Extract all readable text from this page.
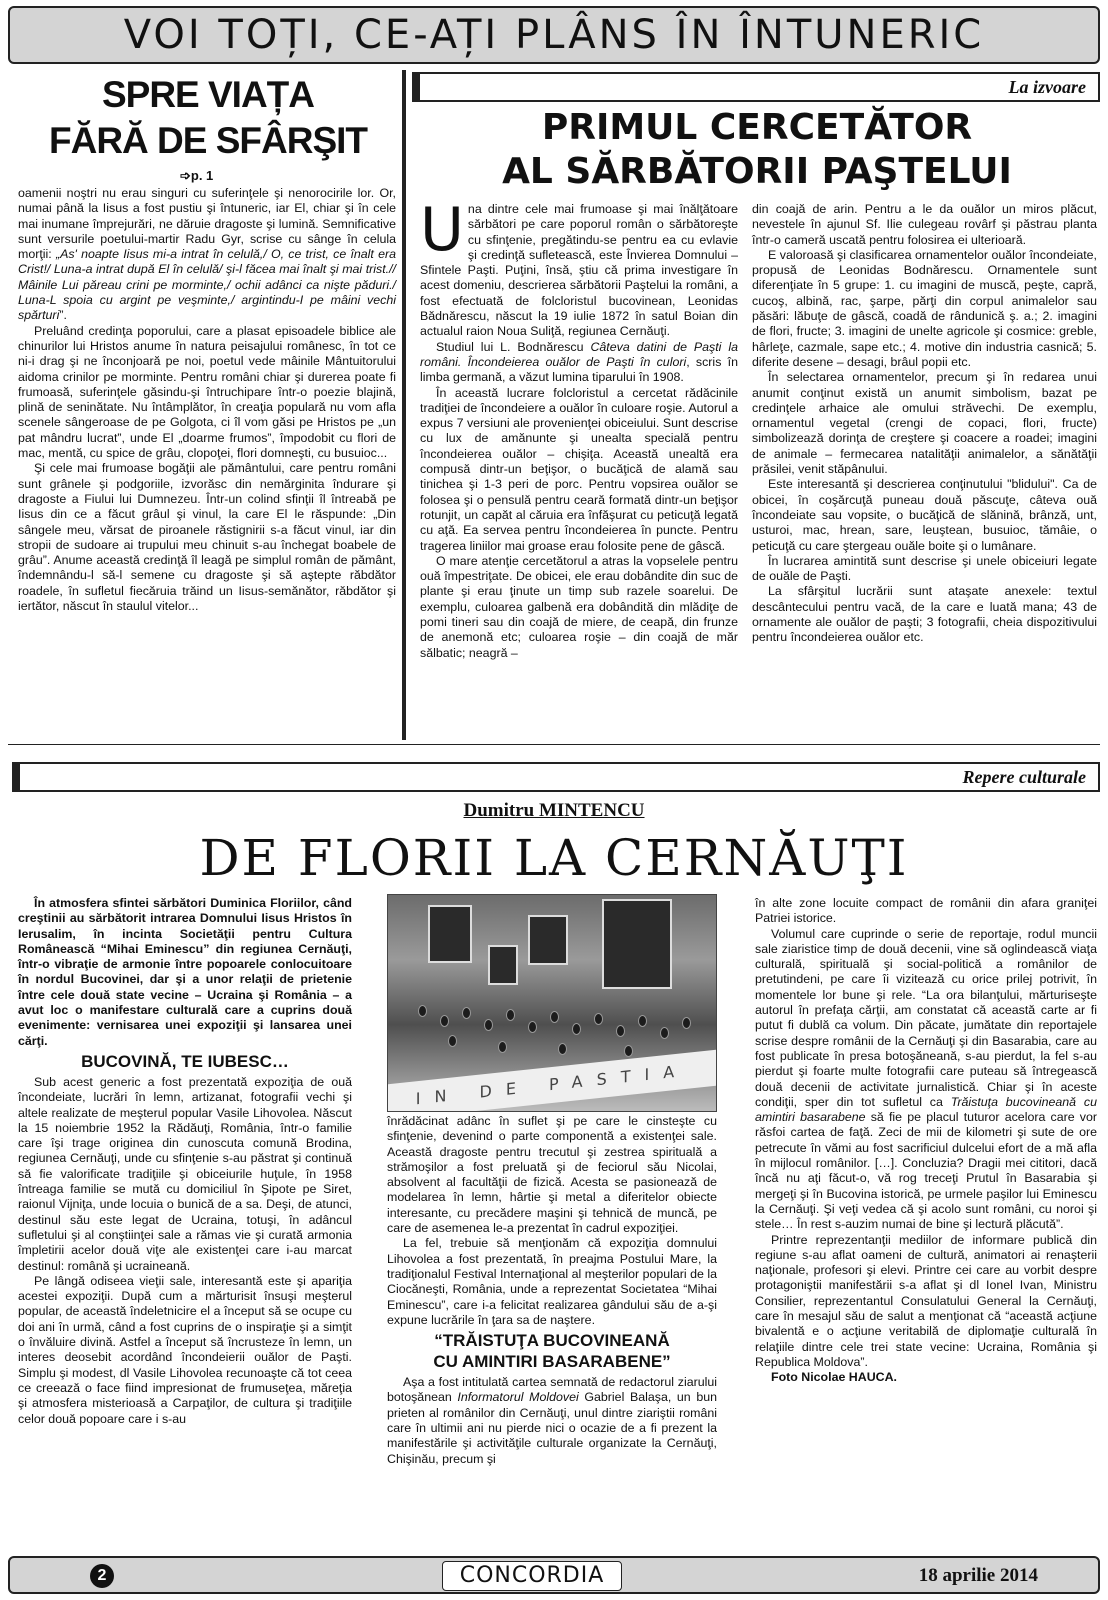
VOI TOȚI, CE-AȚI PLÂNS ÎN ÎNTUNERIC
SPRE VIAȚA
FĂRĂ DE SFÂRŞIT
➩p. 1

oamenii noştri nu erau singuri cu suferinţele şi nenorocirile lor. Or, numai până la Iisus a fost pustiu şi întuneric, iar El, chiar şi în cele mai inumane împrejurări, ne dăruie dragoste şi lumină. Semnificative sunt versurile poetului-martir Radu Gyr, scrise cu sânge în celula morţii: „As' noapte Iisus mi-a intrat în celulă,/ O, ce trist, ce înalt era Crist!/ Luna-a intrat după El în celulă/ şi-l făcea mai înalt şi mai trist.// Mâinile Lui păreau crini pe morminte,/ ochii adânci ca nişte păduri./ Luna-L spoia cu argint pe veşminte,/ argintindu-I pe mâini vechi spărturi”.

Preluând credinţa poporului, care a plasat episoadele biblice ale chinurilor lui Hristos anume în natura peisajului românesc, în tot ce ni-i drag şi ne înconjoară pe noi, poetul vede mâinile Mântuitorului aidoma crinilor pe morminte. Pentru români chiar şi durerea poate fi frumoasă, suferinţele găsindu-şi întruchipare într-o poezie blajină, plină de seninătate. Nu întâmplător, în creaţia populară nu vom afla scenele sângeroase de pe Golgota, ci îl vom găsi pe Hristos pe „un pat mândru lucrat”, unde El „doarme frumos”, împodobit cu flori de mac, mentă, cu spice de grâu, clopoţei, flori domneşti, cu busuioc...

Şi cele mai frumoase bogăţii ale pământului, care pentru români sunt grânele şi podgoriile, izvorăsc din nemărginita îndurare şi dragoste a Fiului lui Dumnezeu. Într-un colind sfinţii îl întreabă pe Iisus din ce a făcut grâul şi vinul, la care El le răspunde: „Din sângele meu, vărsat de piroanele răstignirii s-a făcut vinul, iar din stropii de sudoare ai trupului meu chinuit s-au închegat boabele de grâu”. Anume această credinţă îl leagă pe simplul român de pământ, îndemnându-l să-l semene cu dragoste şi să aştepte răbdător roadele, în sufletul fiecăruia trăind un Iisus-semănător, răbdător şi iertător, născut în staulul vitelor...

La izvoare
PRIMUL CERCETĂTOR
AL SĂRBĂTORII PAŞTELUI

Una dintre cele mai frumoase şi mai înălţătoare sărbători pe care poporul român o sărbătoreşte cu sfinţenie, pregătindu-se pentru ea cu evlavie şi credinţă sufletească, este Învierea Domnului – Sfintele Paşti. Puţini, însă, ştiu că prima investigare în acest domeniu, descrierea sărbătorii Paştelui la români, a fost efectuată de folcloristul bucovinean, Leonidas Bădnărescu, născut la 19 iulie 1872 în satul Boian din actualul raion Noua Suliţă, regiunea Cernăuţi.

Studiul lui L. Bodnărescu Câteva datini de Paşti la români. Încondeierea ouălor de Paşti în culori, scris în limba germană, a văzut lumina tiparului în 1908.

În această lucrare folcloristul a cercetat rădăcinile tradiţiei de încondeiere a ouălor în culoare roşie. Autorul a expus 7 versiuni ale provenienţei obiceiului. Sunt descrise cu lux de amănunte şi unealta specială pentru încondeierea ouălor – chişiţa. Această unealtă era compusă dintr-un beţişor, o bucăţică de alamă sau tinichea şi 1-3 peri de porc. Pentru vopsirea ouălor se folosea şi o pensulă pentru ceară formată dintr-un beţişor rotunjit, un capăt al căruia era înfăşurat cu peticuţă legată cu aţă. Ea servea pentru încondeierea în puncte. Pentru tragerea liniilor mai groase erau folosite pene de gâscă.

O mare atenţie cercetătorul a atras la vopselele pentru ouă împestriţate. De obicei, ele erau dobândite din suc de plante şi erau ţinute un timp sub razele soarelui. De exemplu, culoarea galbenă era dobândită din mlădiţe de pomi tineri sau din coajă de miere, de ceapă, din frunze de anemonă etc; culoarea roşie – din coajă de măr sălbatic; neagră –

din coajă de arin. Pentru a le da ouălor un miros plăcut, nevestele în ajunul Sf. Ilie culegeau rovârf şi păstrau planta într-o cameră uscată pentru folosirea ei ulterioară.

E valoroasă şi clasificarea ornamentelor ouălor încondeiate, propusă de Leonidas Bodnărescu. Ornamentele sunt diferenţiate în 5 grupe: 1. cu imagini de muscă, peşte, capră, cucoş, albină, rac, şarpe, părţi din corpul animalelor sau păsări: lăbuţe de gâscă, coadă de rândunică ş. a.; 2. imagini de flori, fructe; 3. imagini de unelte agricole şi cosmice: greble, hârleţe, cazmale, sape etc.; 4. motive din industria casnică; 5. diferite desene – desagi, brâul popii etc.

În selectarea ornamentelor, precum şi în redarea unui anumit conţinut există un anumit simbolism, bazat pe credinţele arhaice ale omului străvechi. De exemplu, ornamentul vegetal (crengi de copaci, flori, fructe) simbolizează dorinţa de creştere şi coacere a roadei; imagini de animale – fermecarea natalităţii animalelor, a sănătăţii prăsilei, venit stăpânului.

Este interesantă şi descrierea conţinutului "blidului". Ca de obicei, în coşărcuţă puneau două păscuţe, câteva ouă încondeiate sau vopsite, o bucăţică de slănină, brânză, unt, usturoi, mac, hrean, sare, leuştean, busuioc, tămâie, o peticuţă cu care ştergeau ouăle boite şi o lumânare.

În lucrarea amintită sunt descrise şi unele obiceiuri legate de ouăle de Paşti.

La sfârşitul lucrării sunt ataşate anexele: textul descântecului pentru vacă, de la care e luată mana; 43 de ornamente ale ouălor de paşti; 3 fotografii, cheia dispozitivului pentru încondeierea ouălor etc.

Repere culturale
Dumitru MINTENCU
DE FLORII LA CERNĂUŢI

În atmosfera sfintei sărbători Duminica Floriilor, când creştinii au sărbătorit intrarea Domnului Iisus Hristos în Ierusalim, în incinta Societăţii pentru Cultura Românească “Mihai Eminescu” din regiunea Cernăuţi, într-o vibraţie de armonie între popoarele conlocuitoare în nordul Bucovinei, dar şi a unor relaţii de prietenie între cele două state vecine – Ucraina şi România – a avut loc o manifestare culturală care a cuprins două evenimente: vernisarea unei expoziţii şi lansarea unei cărţi.

BUCOVINĂ, TE IUBESC…

Sub acest generic a fost prezentată expoziţia de ouă încondeiate, lucrări în lemn, artizanat, fotografii vechi şi altele realizate de meşterul popular Vasile Lihovolea. Născut la 15 noiembrie 1952 la Rădăuţi, România, într-o familie care îşi trage originea din cunoscuta comună Brodina, regiunea Cernăuţi, unde cu sfinţenie s-au păstrat şi continuă să fie valorificate tradiţiile şi obiceiurile huţule, în 1958 întreaga familie se mută cu domiciliul în Şipote pe Siret, raionul Vijniţa, unde locuia o bunică de a sa. Deşi, de atunci, destinul său este legat de Ucraina, totuşi, în adâncul sufletului şi al conştiinţei sale a rămas vie şi curată armonia împletirii acelor două viţe ale existenţei care i-au marcat destinul: română şi ucraineană.

Pe lângă odiseea vieţii sale, interesantă este şi apariţia acestei expoziţii. După cum a mărturisit însuşi meşterul popular, de această îndeletnicire el a început să se ocupe cu doi ani în urmă, când a fost cuprins de o inspiraţie şi a simţit o învăluire divină. Astfel a început să încrusteze în lemn, un interes deosebit acordând încondeierii ouălor de Paşti. Simplu şi modest, dl Vasile Lihovolea recunoaşte că tot ceea ce creează o face fiind impresionat de frumuseţea, măreţia şi atmosfera misterioasă a Carpaţilor, de cultura şi tradiţiile celor două popoare care i s-au

IN DE PASTIA

înrădăcinat adânc în suflet şi pe care le cinsteşte cu sfinţenie, devenind o parte componentă a existenţei sale. Această dragoste pentru trecutul şi zestrea spirituală a strămoşilor a fost preluată şi de feciorul său Nicolai, absolvent al facultăţii de fizică. Acesta se pasionează de modelarea în lemn, hârtie şi metal a diferitelor obiecte interesante, cu precădere maşini şi tehnică de muncă, pe care de asemenea le-a prezentat în cadrul expoziţiei.

La fel, trebuie să menţionăm că expoziţia domnului Lihovolea a fost prezentată, în preajma Postului Mare, la tradiţionalul Festival Internaţional al meşterilor populari de la Ciocăneşti, România, unde a reprezentat Societatea “Mihai Eminescu”, care i-a felicitat realizarea gândului său de a-şi expune lucrările în ţara sa de naştere.

“TRĂISTUŢA BUCOVINEANĂ
CU AMINTIRI BASARABENE”

Aşa a fost intitulată cartea semnată de redactorul ziarului botoşănean Informatorul Moldovei Gabriel Balaşa, un bun prieten al românilor din Cernăuţi, unul dintre ziariştii români care în ultimii ani nu pierde nici o ocazie de a fi prezent la manifestările şi activităţile culturale organizate la Cernăuţi, Chişinău, precum şi

în alte zone locuite compact de românii din afara graniţei Patriei istorice.

Volumul care cuprinde o serie de reportaje, rodul muncii sale ziaristice timp de două decenii, vine să oglindească viaţa culturală, spirituală şi social-politică a românilor de pretutindeni, pe care îi vizitează cu orice prilej potrivit, în momentele lor bune şi rele. “La ora bilanţului, mărturiseşte autorul în prefaţa cărţii, am constatat că această carte ar fi putut fi dublă ca volum. Din păcate, jumătate din reportajele scrise despre românii de la Cernăuţi şi din Basarabia, care au fost publicate în presa botoşăneană, s-au pierdut, la fel s-au pierdut şi foarte multe fotografii care puteau să întregească două decenii de activitate jurnalistică. Chiar şi în aceste condiţii, sper din tot sufletul ca Trăistuţa bucovineană cu amintiri basarabene să fie pe placul tuturor acelora care vor răsfoi cartea de faţă. Zeci de mii de kilometri şi sute de ore petrecute în vămi au fost sacrificiul dulcelui efort de a mă afla în mijlocul românilor. […]. Concluzia? Dragii mei cititori, dacă încă nu aţi făcut-o, vă rog treceţi Prutul în Basarabia şi mergeţi şi în Bucovina istorică, pe urmele paşilor lui Eminescu la Cernăuţi. Şi veţi vedea că şi acolo sunt români, cu noroi şi stele… În rest s-auzim numai de bine şi lectură plăcută”.

Printre reprezentanţii mediilor de informare publică din regiune s-au aflat oameni de cultură, animatori ai renaşterii naţionale, profesori şi elevi. Printre cei care au vorbit despre protagoniştii manifestării s-a aflat şi dl Ionel Ivan, Ministru Consilier, reprezentantul Consulatului General la Cernăuţi, care în mesajul său de salut a menţionat că “această acţiune bivalentă e o acţiune veritabilă de diplomaţie culturală în relaţiile dintre cele trei state vecine: Ucraina, România şi Republica Moldova”.

Foto Nicolae HAUCA.

2	CONCORDIA	18 aprilie 2014
